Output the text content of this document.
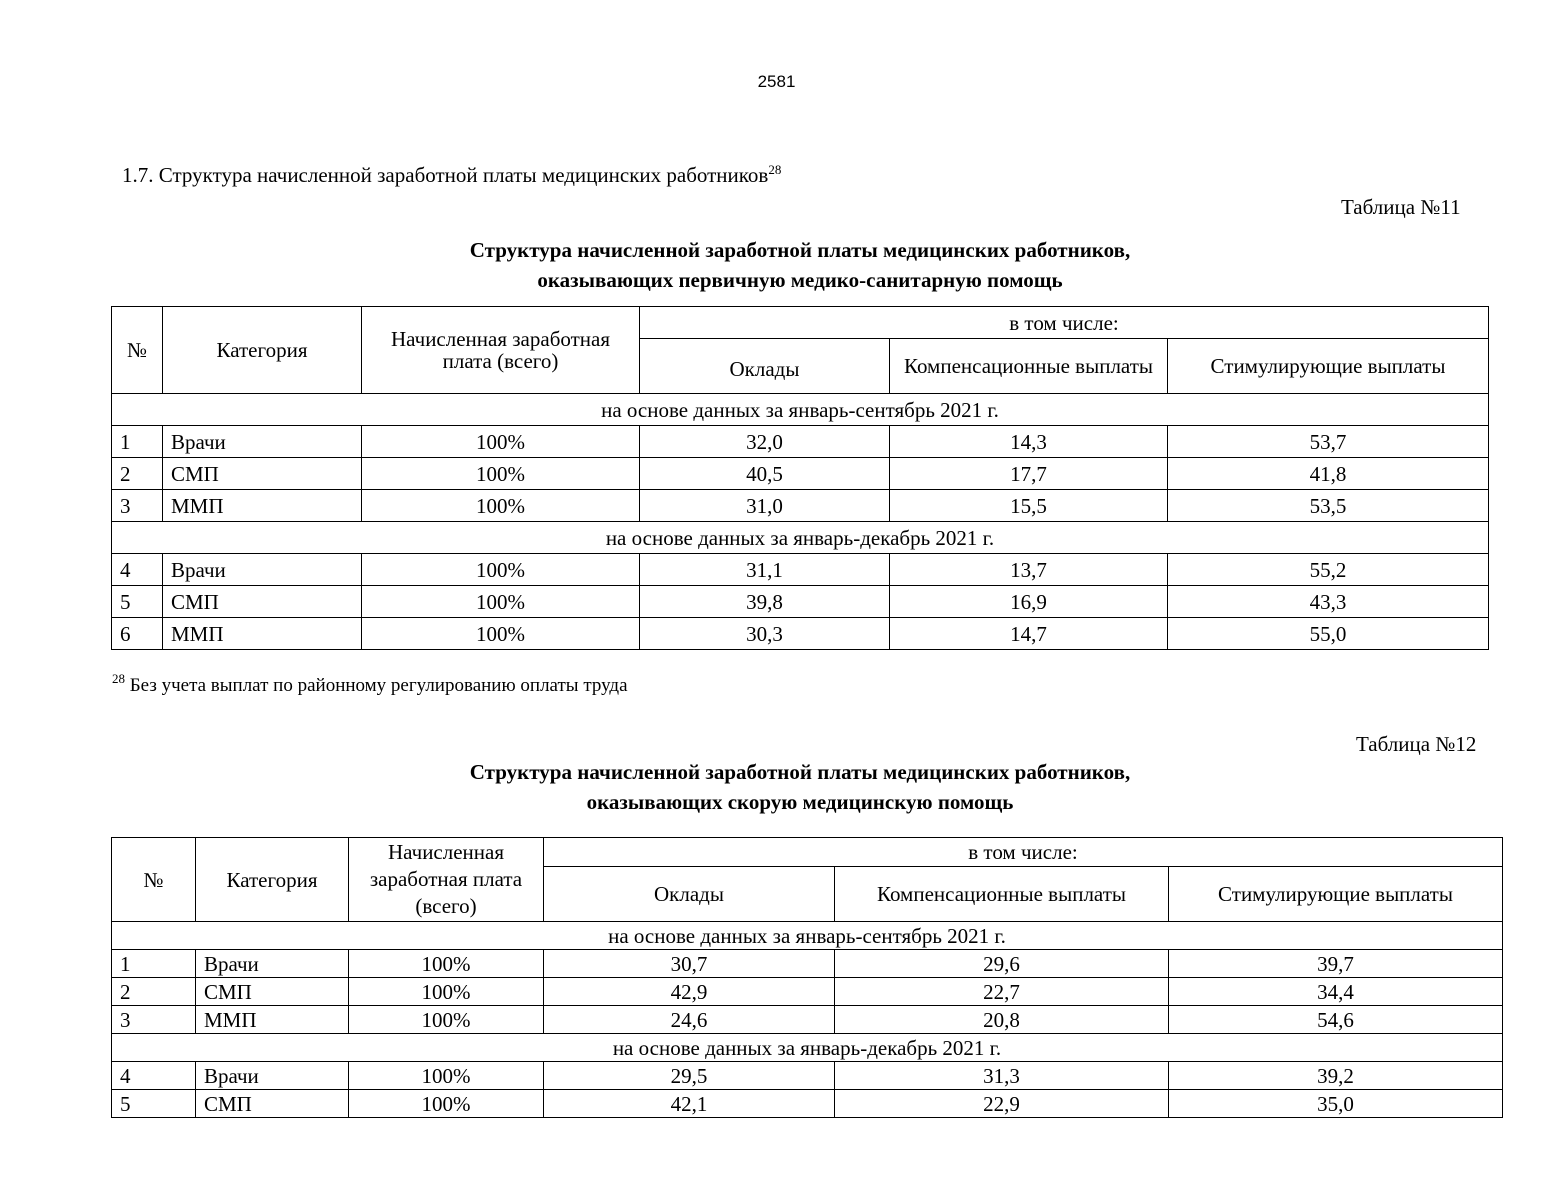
2581
1.7. Структура начисленной заработной платы медицинских работников$^{28}$
Таблица №11
Структура начисленной заработной платы медицинских работников,
оказывающих первичную медико-санитарную помощь
№	Категория	Начисленная заработная плата (всего)	в том числе:		
			Оклады	Компенсационные выплаты	Стимулирующие выплаты
на основе данных за январь-сентябрь 2021 г.					
1	Врачи	100%	32,0	14,3	53,7
2	СМП	100%	40,5	17,7	41,8
3	ММП	100%	31,0	15,5	53,5
на основе данных за январь-декабрь 2021 г.					
4	Врачи	100%	31,1	13,7	55,2
5	СМП	100%	39,8	16,9	43,3
6	ММП	100%	30,3	14,7	55,0
$^{28}$ Без учета выплат по районному регулированию оплаты труда
Таблица №12
Структура начисленной заработной платы медицинских работников,
оказывающих скорую медицинскую помощь
№	Категория	Начисленная заработная плата (всего)	в том числе:		
			Оклады	Компенсационные выплаты	Стимулирующие выплаты
на основе данных за январь-сентябрь 2021 г.					
1	Врачи	100%	30,7	29,6	39,7
2	СМП	100%	42,9	22,7	34,4
3	ММП	100%	24,6	20,8	54,6
на основе данных за январь-декабрь 2021 г.					
4	Врачи	100%	29,5	31,3	39,2
5	СМП	100%	42,1	22,9	35,0
